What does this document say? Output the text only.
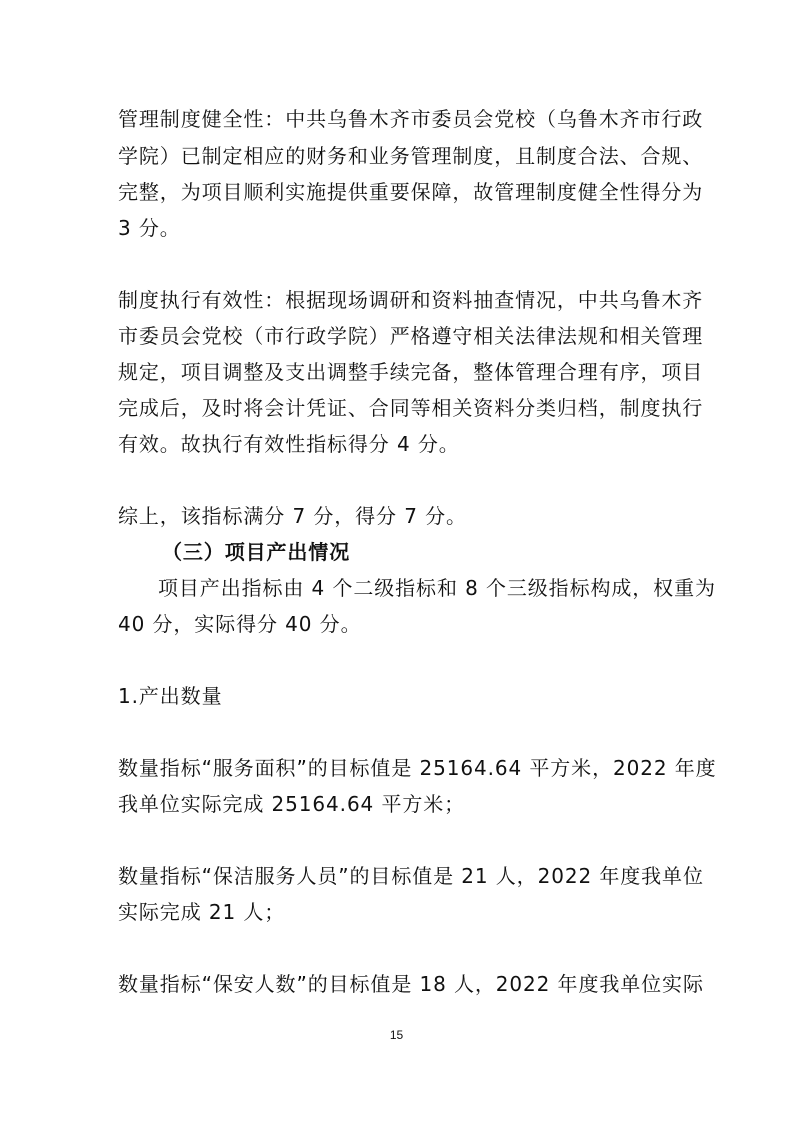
管理制度健全性：中共乌鲁木齐市委员会党校（乌鲁木齐市行政
学院）已制定相应的财务和业务管理制度，且制度合法、合规、
完整，为项目顺利实施提供重要保障，故管理制度健全性得分为
3 分。
制度执行有效性：根据现场调研和资料抽查情况，中共乌鲁木齐
市委员会党校（市行政学院）严格遵守相关法律法规和相关管理
规定，项目调整及支出调整手续完备，整体管理合理有序，项目
完成后，及时将会计凭证、合同等相关资料分类归档，制度执行
有效。故执行有效性指标得分 4 分。
综上，该指标满分 7 分，得分 7 分。
（三）项目产出情况
项目产出指标由 4 个二级指标和 8 个三级指标构成，权重为
40 分，实际得分 40 分。
1.产出数量
数量指标“服务面积”的目标值是 25164.64 平方米，2022 年度
我单位实际完成 25164.64 平方米；
数量指标“保洁服务人员”的目标值是 21 人，2022 年度我单位
实际完成 21 人；
数量指标“保安人数”的目标值是 18 人，2022 年度我单位实际
15
